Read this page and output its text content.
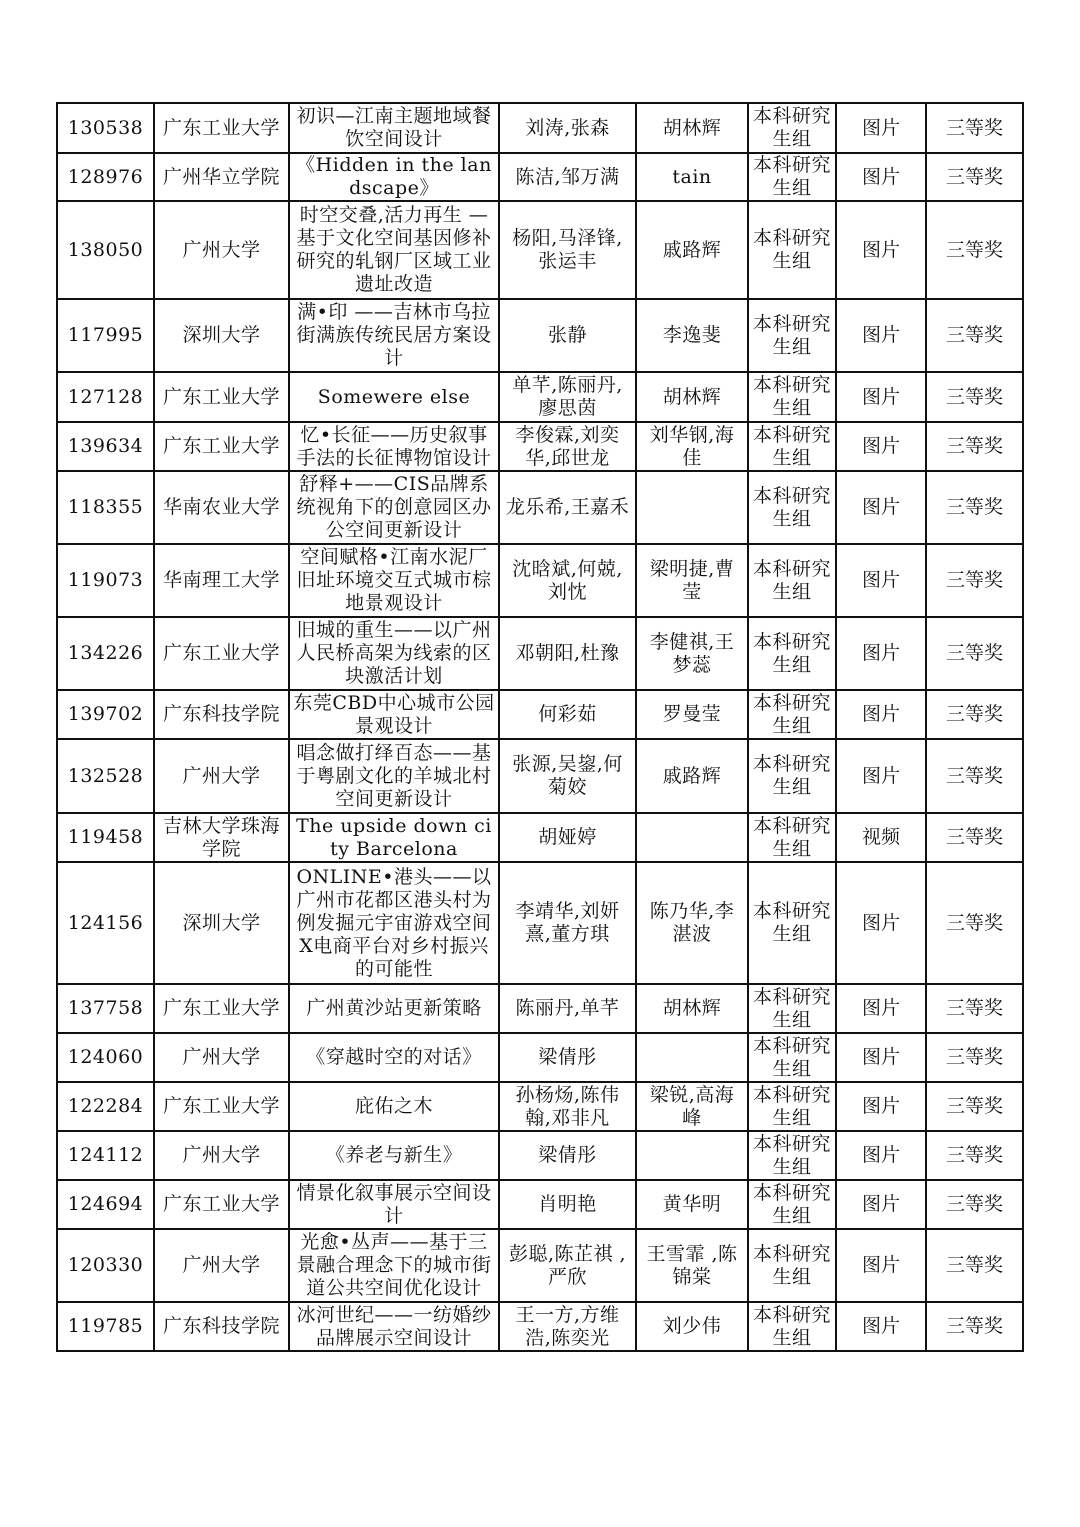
130538	广东工业大学	初识—江南主题地域餐饮空间设计	刘涛,张森	胡林辉	本科研究生组	图片	三等奖
128976	广州华立学院	《Hidden in the landscape》	陈洁,邹万满	tain	本科研究生组	图片	三等奖
138050	广州大学	时空交叠,活力再生 —基于文化空间基因修补研究的轧钢厂区域工业遗址改造	杨阳,马泽锋,张运丰	戚路辉	本科研究生组	图片	三等奖
117995	深圳大学	满•印 ——吉林市乌拉街满族传统民居方案设计	张静	李逸斐	本科研究生组	图片	三等奖
127128	广东工业大学	Somewere else	单芊,陈丽丹,廖思茵	胡林辉	本科研究生组	图片	三等奖
139634	广东工业大学	忆•长征——历史叙事手法的长征博物馆设计	李俊霖,刘奕华,邱世龙	刘华钢,海佳	本科研究生组	图片	三等奖
118355	华南农业大学	舒释+——CIS品牌系统视角下的创意园区办公空间更新设计	龙乐希,王嘉禾		本科研究生组	图片	三等奖
119073	华南理工大学	空间赋格•江南水泥厂旧址环境交互式城市棕地景观设计	沈晗斌,何兢,刘忱	梁明捷,曹莹	本科研究生组	图片	三等奖
134226	广东工业大学	旧城的重生——以广州人民桥高架为线索的区块激活计划	邓朝阳,杜豫	李健祺,王梦蕊	本科研究生组	图片	三等奖
139702	广东科技学院	东莞CBD中心城市公园景观设计	何彩茹	罗曼莹	本科研究生组	图片	三等奖
132528	广州大学	唱念做打绎百态——基于粤剧文化的羊城北村空间更新设计	张源,吴鋆,何菊姣	戚路辉	本科研究生组	图片	三等奖
119458	吉林大学珠海学院	The upside down city Barcelona	胡娅婷		本科研究生组	视频	三等奖
124156	深圳大学	ONLINE•港头——以广州市花都区港头村为例发掘元宇宙游戏空间X电商平台对乡村振兴的可能性	李靖华,刘妍熹,董方琪	陈乃华,李湛波	本科研究生组	图片	三等奖
137758	广东工业大学	广州黄沙站更新策略	陈丽丹,单芊	胡林辉	本科研究生组	图片	三等奖
124060	广州大学	《穿越时空的对话》	梁倩彤		本科研究生组	图片	三等奖
122284	广东工业大学	庇佑之木	孙杨炀,陈伟翰,邓非凡	梁锐,高海峰	本科研究生组	图片	三等奖
124112	广州大学	《养老与新生》	梁倩彤		本科研究生组	图片	三等奖
124694	广东工业大学	情景化叙事展示空间设计	肖明艳	黄华明	本科研究生组	图片	三等奖
120330	广州大学	光愈•丛声——基于三景融合理念下的城市街道公共空间优化设计	彭聪,陈芷祺 ,严欣	王雪霏 ,陈锦棠	本科研究生组	图片	三等奖
119785	广东科技学院	冰河世纪——一纺婚纱品牌展示空间设计	王一方,方维浩,陈奕光	刘少伟	本科研究生组	图片	三等奖
